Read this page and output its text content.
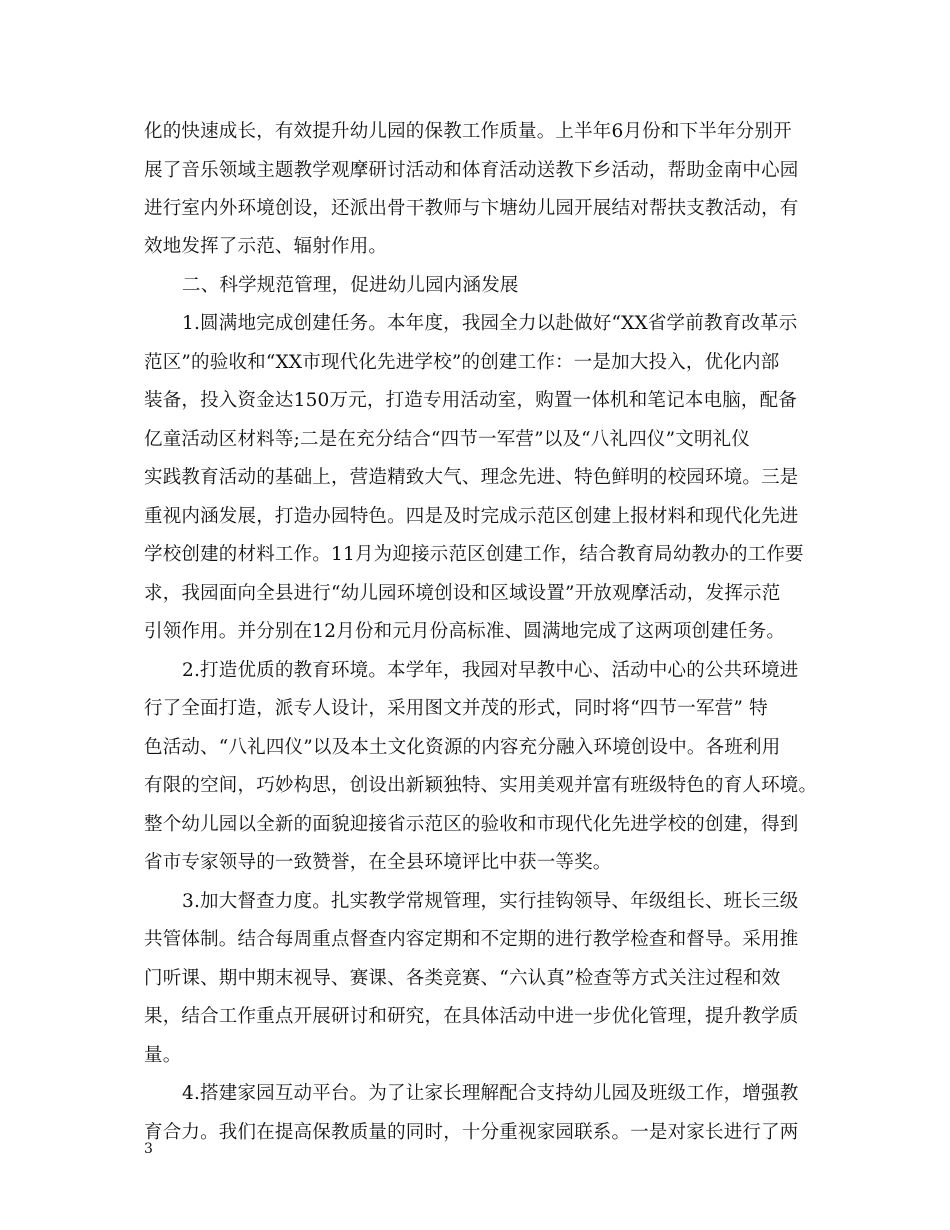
化的快速成长，有效提升幼儿园的保教工作质量。上半年6月份和下半年分别开
展了音乐领域主题教学观摩研讨活动和体育活动送教下乡活动，帮助金南中心园
进行室内外环境创设，还派出骨干教师与卞塘幼儿园开展结对帮扶支教活动，有
效地发挥了示范、辐射作用。
二、科学规范管理，促进幼儿园内涵发展
1.圆满地完成创建任务。本年度，我园全力以赴做好“XX省学前教育改革示
范区”的验收和“XX市现代化先进学校”的创建工作：一是加大投入，优化内部
装备，投入资金达150万元，打造专用活动室，购置一体机和笔记本电脑，配备
亿童活动区材料等;二是在充分结合“四节一军营”以及“八礼四仪”文明礼仪
实践教育活动的基础上，营造精致大气、理念先进、特色鲜明的校园环境。三是
重视内涵发展，打造办园特色。四是及时完成示范区创建上报材料和现代化先进
学校创建的材料工作。11月为迎接示范区创建工作，结合教育局幼教办的工作要
求，我园面向全县进行“幼儿园环境创设和区域设置”开放观摩活动，发挥示范
引领作用。并分别在12月份和元月份高标准、圆满地完成了这两项创建任务。
2.打造优质的教育环境。本学年，我园对早教中心、活动中心的公共环境进
行了全面打造，派专人设计，采用图文并茂的形式，同时将“四节一军营” 特
色活动、“八礼四仪”以及本土文化资源的内容充分融入环境创设中。各班利用
有限的空间，巧妙构思，创设出新颖独特、实用美观并富有班级特色的育人环境。
整个幼儿园以全新的面貌迎接省示范区的验收和市现代化先进学校的创建，得到
省市专家领导的一致赞誉，在全县环境评比中获一等奖。
3.加大督查力度。扎实教学常规管理，实行挂钩领导、年级组长、班长三级
共管体制。结合每周重点督查内容定期和不定期的进行教学检查和督导。采用推
门听课、期中期末视导、赛课、各类竞赛、“六认真”检查等方式关注过程和效
果，结合工作重点开展研讨和研究，在具体活动中进一步优化管理，提升教学质
量。
4.搭建家园互动平台。为了让家长理解配合支持幼儿园及班级工作，增强教
育合力。我们在提高保教质量的同时，十分重视家园联系。一是对家长进行了两
3
